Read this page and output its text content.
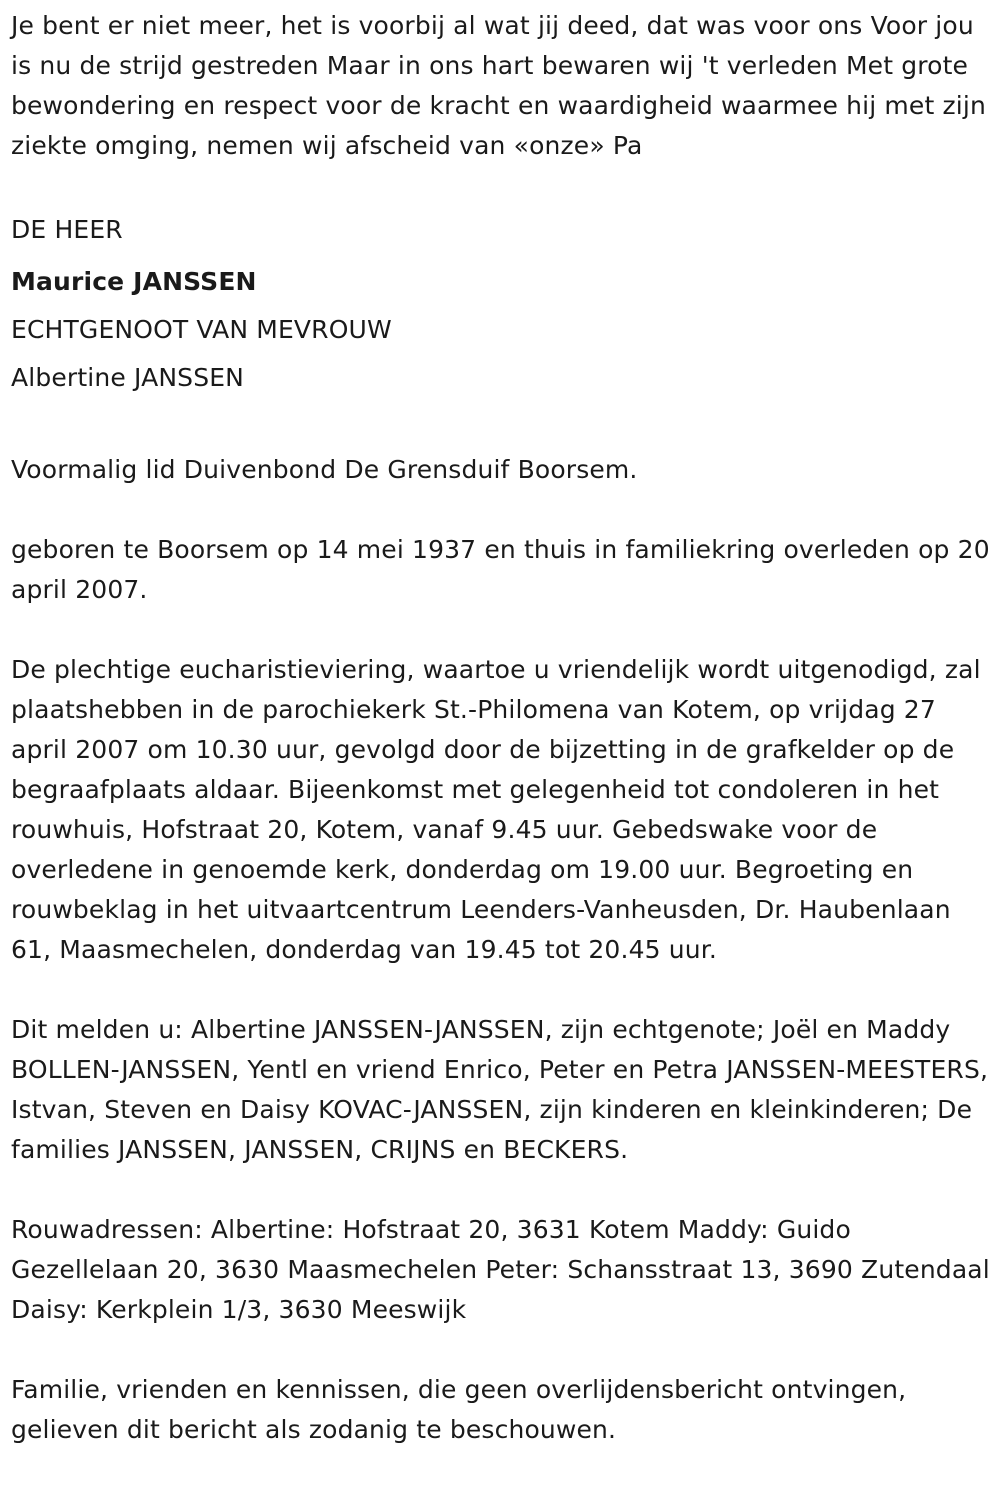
Je bent er niet meer, het is voorbij al wat jij deed, dat was voor ons Voor jou is nu de strijd gestreden Maar in ons hart bewaren wij 't verleden Met grote bewondering en respect voor de kracht en waardigheid waarmee hij met zijn ziekte omging, nemen wij afscheid van «onze» Pa

DE HEER

Maurice JANSSEN

ECHTGENOOT VAN MEVROUW

Albertine JANSSEN

Voormalig lid Duivenbond De Grensduif Boorsem.

geboren te Boorsem op 14 mei 1937 en thuis in familiekring overleden op 20 april 2007.

De plechtige eucharistieviering, waartoe u vriendelijk wordt uitgenodigd, zal plaatshebben in de parochiekerk St.-Philomena van Kotem, op vrijdag 27 april 2007 om 10.30 uur, gevolgd door de bijzetting in de grafkelder op de begraafplaats aldaar. Bijeenkomst met gelegenheid tot condoleren in het rouwhuis, Hofstraat 20, Kotem, vanaf 9.45 uur. Gebedswake voor de overledene in genoemde kerk, donderdag om 19.00 uur. Begroeting en rouwbeklag in het uitvaartcentrum Leenders-Vanheusden, Dr. Haubenlaan 61, Maasmechelen, donderdag van 19.45 tot 20.45 uur.

Dit melden u: Albertine JANSSEN-JANSSEN, zijn echtgenote; Joël en Maddy BOLLEN-JANSSEN, Yentl en vriend Enrico, Peter en Petra JANSSEN-MEESTERS, Istvan, Steven en Daisy KOVAC-JANSSEN, zijn kinderen en kleinkinderen; De families JANSSEN, JANSSEN, CRIJNS en BECKERS.

Rouwadressen: Albertine: Hofstraat 20, 3631 Kotem Maddy: Guido Gezellelaan 20, 3630 Maasmechelen Peter: Schansstraat 13, 3690 Zutendaal Daisy: Kerkplein 1/3, 3630 Meeswijk

Familie, vrienden en kennissen, die geen overlijdensbericht ontvingen, gelieven dit bericht als zodanig te beschouwen.
